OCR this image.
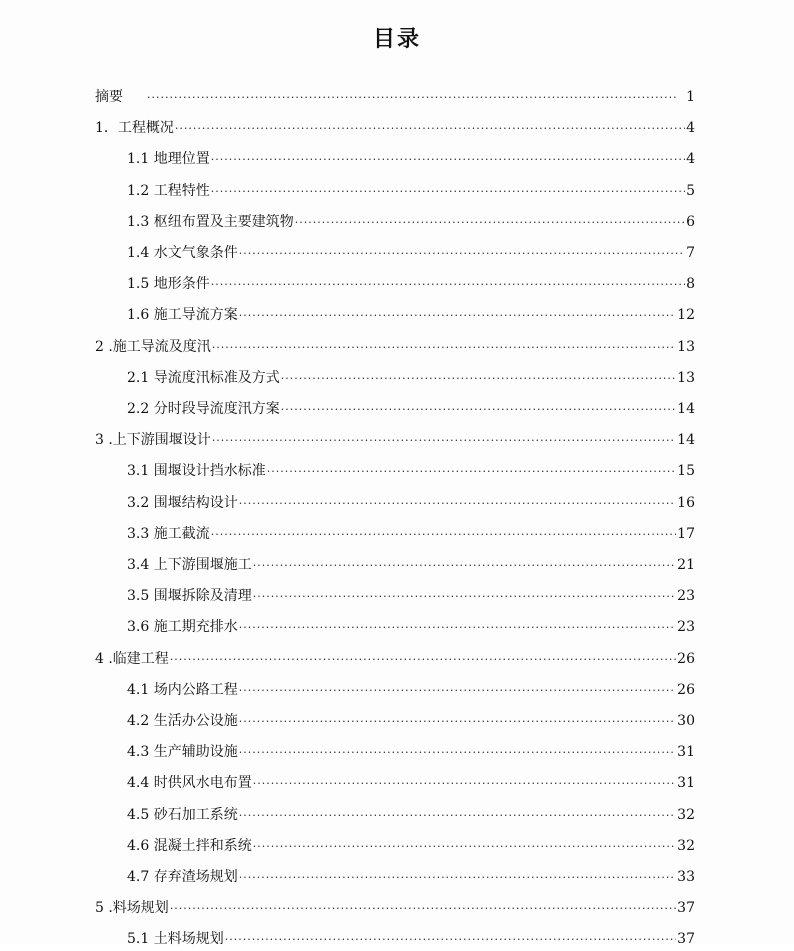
目录
摘要 ·····	1
1．工程概况 ·····	4
1.1 地理位置 ·····	4
1.2 工程特性 ·····	5
1.3 枢纽布置及主要建筑物 ·····	6
1.4 水文气象条件 ·····	7
1.5 地形条件 ·····	8
1.6 施工导流方案 ·····	12
2 .施工导流及度汛 ·····	13
2.1 导流度汛标准及方式 ·····	13
2.2 分时段导流度汛方案 ·····	14
3 .上下游围堰设计 ·····	14
3.1 围堰设计挡水标准 ·····	15
3.2 围堰结构设计 ·····	16
3.3 施工截流 ·····	17
3.4 上下游围堰施工 ·····	21
3.5 围堰拆除及清理 ·····	23
3.6 施工期充排水 ·····	23
4 .临建工程 ·····	26
4.1 场内公路工程 ·····	26
4.2 生活办公设施 ·····	30
4.3 生产辅助设施 ·····	31
4.4 时供风水电布置 ·····	31
4.5 砂石加工系统 ·····	32
4.6 混凝土拌和系统 ·····	32
4.7 存弃渣场规划 ·····	33
5 .料场规划 ·····	37
5.1 土料场规划 ·····	37
